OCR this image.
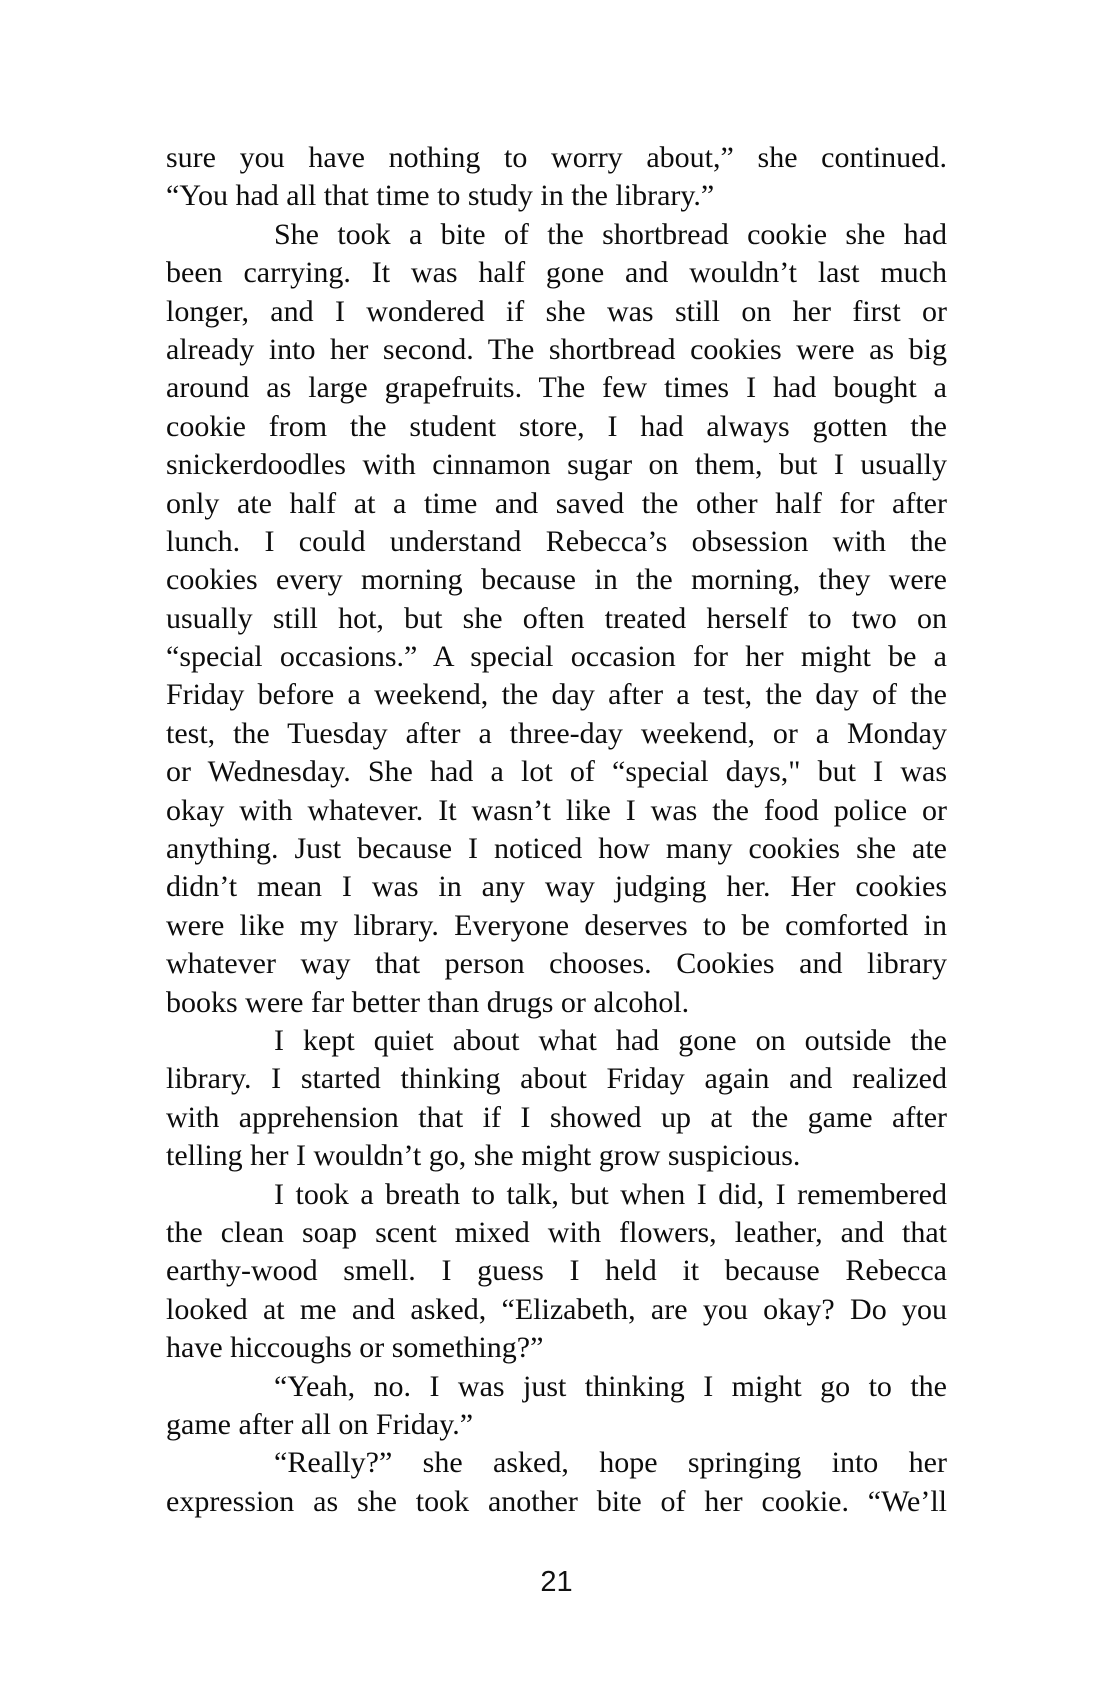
sure you have nothing to worry about,” she continued.
“You had all that time to study in the library.”
She took a bite of the shortbread cookie she had
been carrying. It was half gone and wouldn’t last much
longer, and I wondered if she was still on her first or
already into her second. The shortbread cookies were as big
around as large grapefruits. The few times I had bought a
cookie from the student store, I had always gotten the
snickerdoodles with cinnamon sugar on them, but I usually
only ate half at a time and saved the other half for after
lunch. I could understand Rebecca’s obsession with the
cookies every morning because in the morning, they were
usually still hot, but she often treated herself to two on
“special occasions.” A special occasion for her might be a
Friday before a weekend, the day after a test, the day of the
test, the Tuesday after a three-day weekend, or a Monday
or Wednesday. She had a lot of “special days," but I was
okay with whatever. It wasn’t like I was the food police or
anything. Just because I noticed how many cookies she ate
didn’t mean I was in any way judging her. Her cookies
were like my library. Everyone deserves to be comforted in
whatever way that person chooses. Cookies and library
books were far better than drugs or alcohol.
I kept quiet about what had gone on outside the
library. I started thinking about Friday again and realized
with apprehension that if I showed up at the game after
telling her I wouldn’t go, she might grow suspicious.
I took a breath to talk, but when I did, I remembered
the clean soap scent mixed with flowers, leather, and that
earthy-wood smell. I guess I held it because Rebecca
looked at me and asked, “Elizabeth, are you okay? Do you
have hiccoughs or something?”
“Yeah, no. I was just thinking I might go to the
game after all on Friday.”
“Really?” she asked, hope springing into her
expression as she took another bite of her cookie. “We’ll
21
